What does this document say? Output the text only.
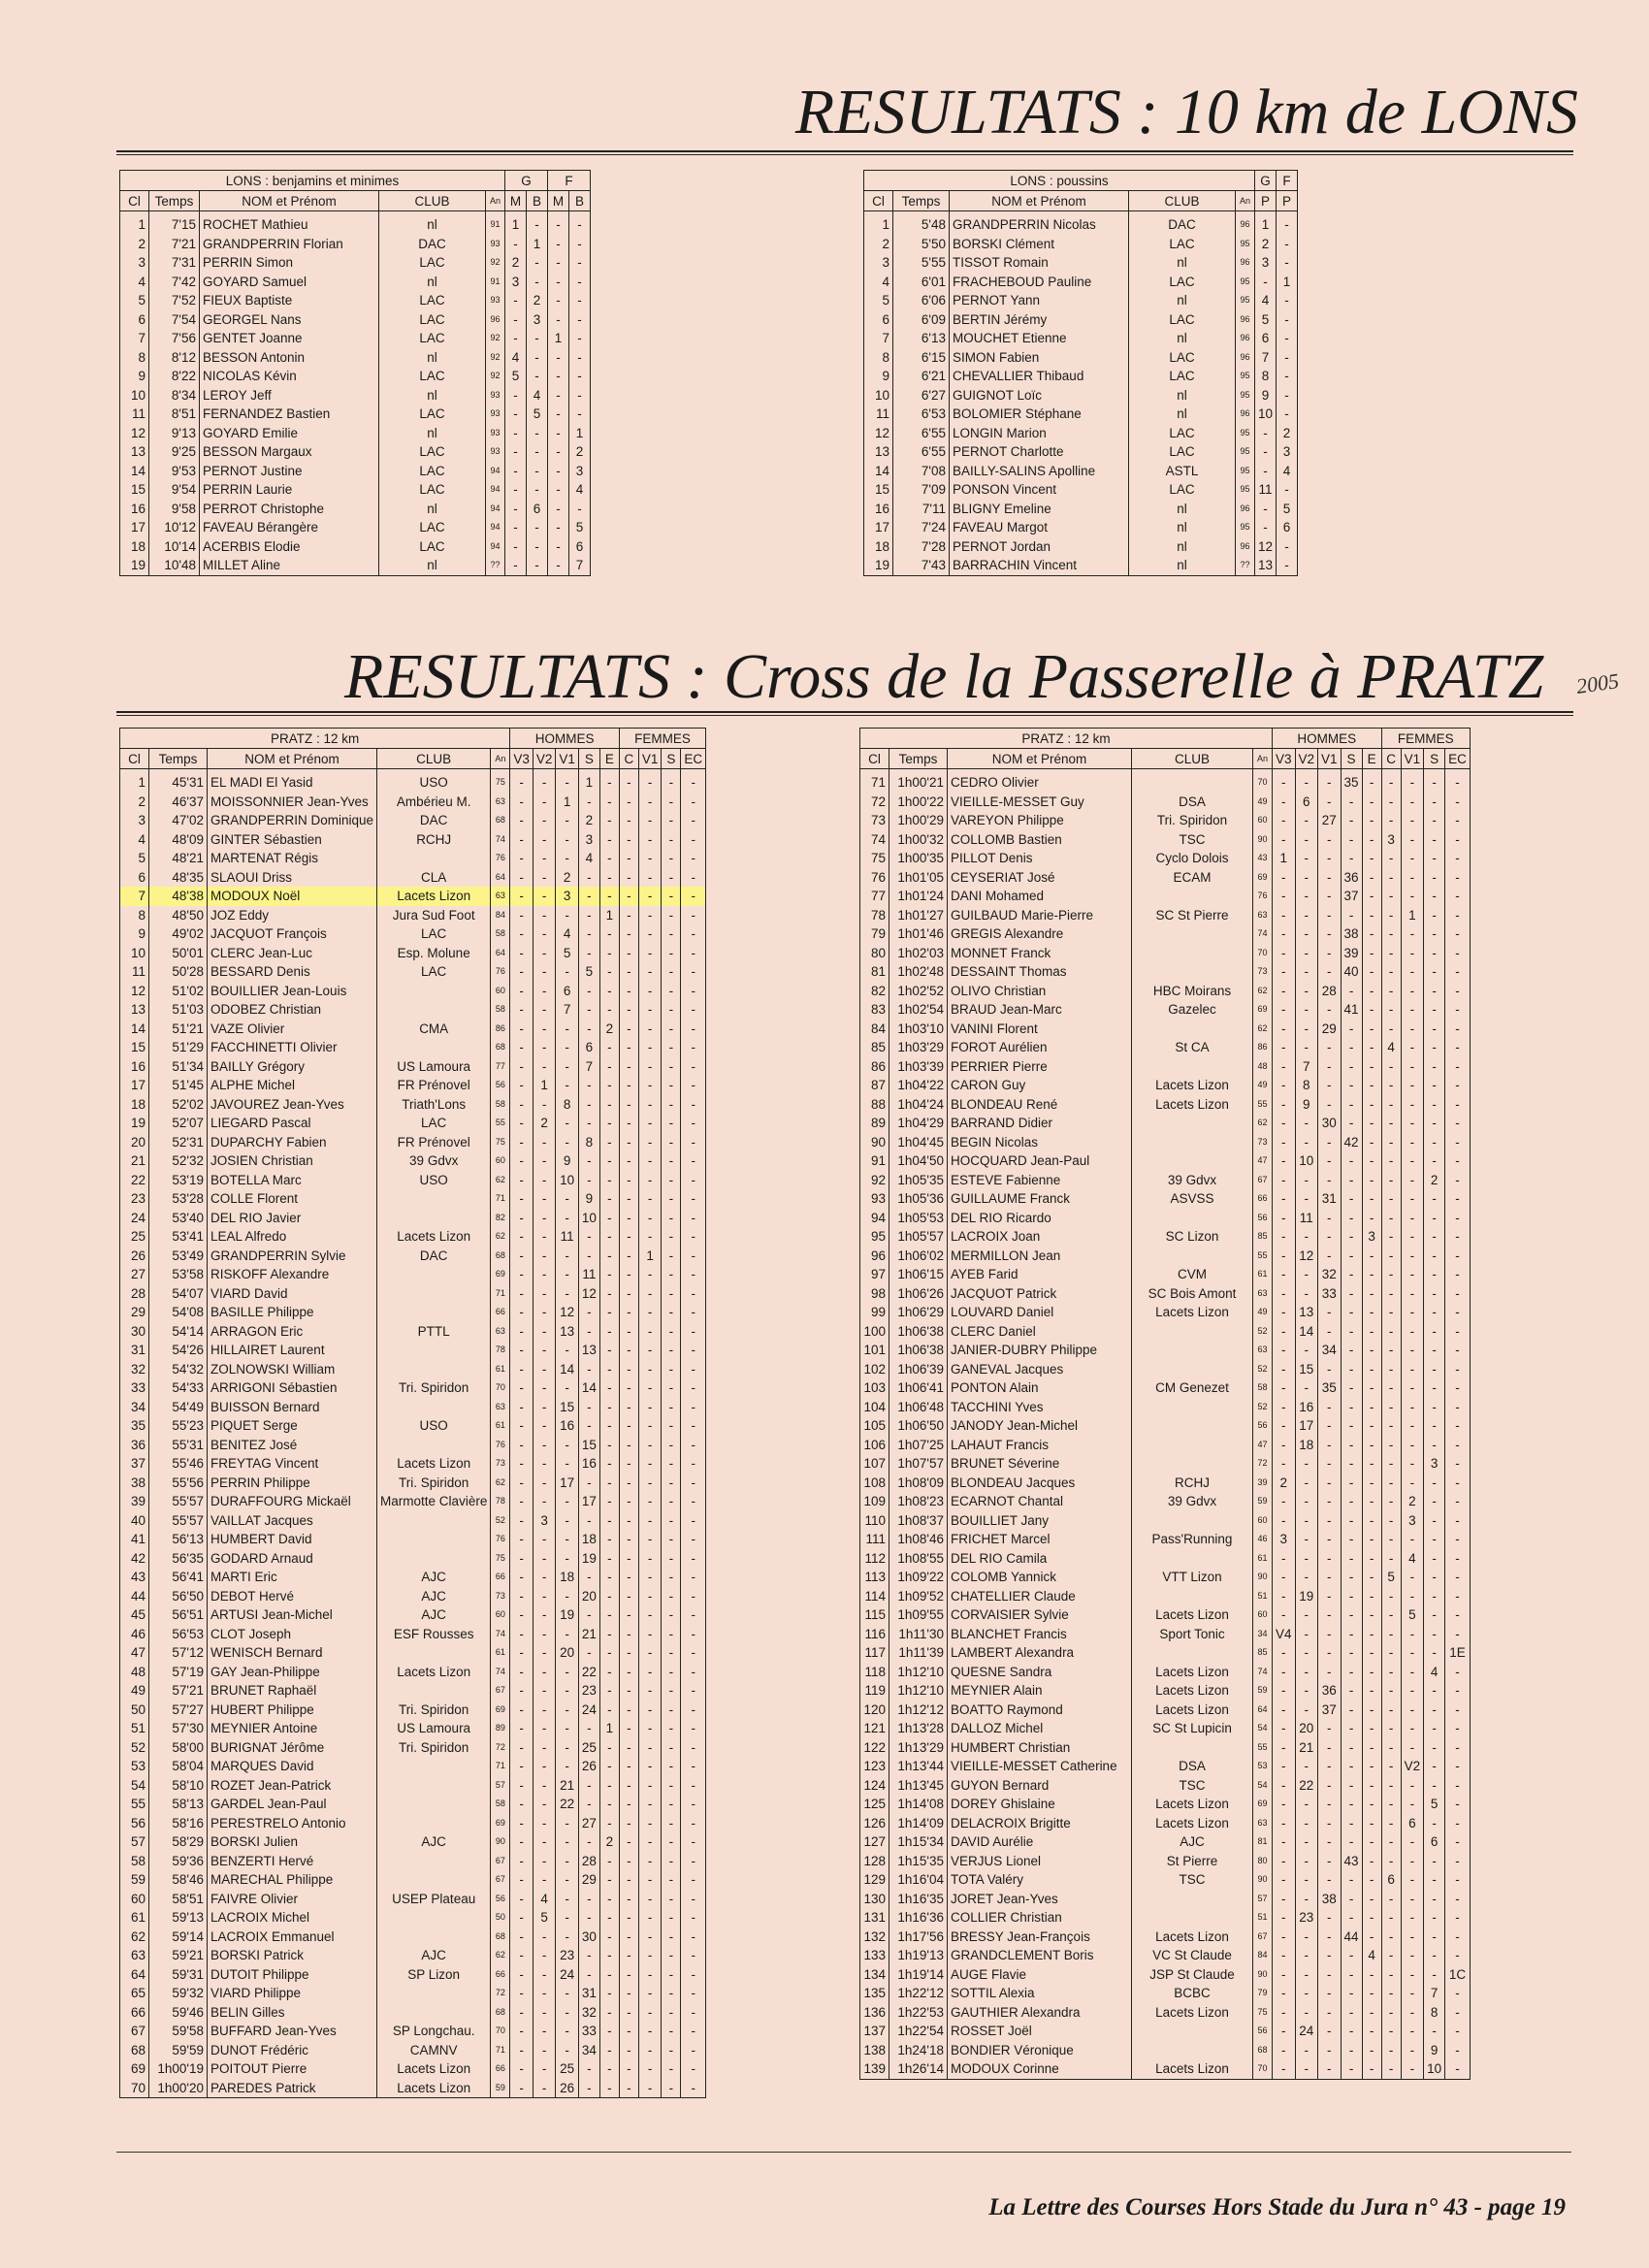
RESULTATS : 10 km de LONS
LONS : benjamins et minimes					G		F	
Cl	Temps	NOM et Prénom	CLUB	An	M	B	M	B
1	7'15	ROCHET Mathieu	nl	91	1	-	-	-
2	7'21	GRANDPERRIN Florian	DAC	93	-	1	-	-
3	7'31	PERRIN Simon	LAC	92	2	-	-	-
4	7'42	GOYARD Samuel	nl	91	3	-	-	-
5	7'52	FIEUX Baptiste	LAC	93	-	2	-	-
6	7'54	GEORGEL Nans	LAC	96	-	3	-	-
7	7'56	GENTET Joanne	LAC	92	-	-	1	-
8	8'12	BESSON Antonin	nl	92	4	-	-	-
9	8'22	NICOLAS Kévin	LAC	92	5	-	-	-
10	8'34	LEROY Jeff	nl	93	-	4	-	-
11	8'51	FERNANDEZ Bastien	LAC	93	-	5	-	-
12	9'13	GOYARD Emilie	nl	93	-	-	-	1
13	9'25	BESSON Margaux	LAC	93	-	-	-	2
14	9'53	PERNOT Justine	LAC	94	-	-	-	3
15	9'54	PERRIN Laurie	LAC	94	-	-	-	4
16	9'58	PERROT Christophe	nl	94	-	6	-	-
17	10'12	FAVEAU Bérangère	LAC	94	-	-	-	5
18	10'14	ACERBIS Elodie	LAC	94	-	-	-	6
19	10'48	MILLET Aline	nl	??	-	-	-	7
LONS : poussins					G	F
Cl	Temps	NOM et Prénom	CLUB	An	P	P
1	5'48	GRANDPERRIN Nicolas	DAC	96	1	-
2	5'50	BORSKI Clément	LAC	95	2	-
3	5'55	TISSOT Romain	nl	96	3	-
4	6'01	FRACHEBOUD Pauline	LAC	95	-	1
5	6'06	PERNOT Yann	nl	95	4	-
6	6'09	BERTIN Jérémy	LAC	96	5	-
7	6'13	MOUCHET Etienne	nl	96	6	-
8	6'15	SIMON Fabien	LAC	96	7	-
9	6'21	CHEVALLIER Thibaud	LAC	95	8	-
10	6'27	GUIGNOT Loïc	nl	95	9	-
11	6'53	BOLOMIER Stéphane	nl	96	10	-
12	6'55	LONGIN Marion	LAC	95	-	2
13	6'55	PERNOT Charlotte	LAC	95	-	3
14	7'08	BAILLY-SALINS Apolline	ASTL	95	-	4
15	7'09	PONSON Vincent	LAC	95	11	-
16	7'11	BLIGNY Emeline	nl	96	-	5
17	7'24	FAVEAU Margot	nl	95	-	6
18	7'28	PERNOT Jordan	nl	96	12	-
19	7'43	BARRACHIN Vincent	nl	??	13	-
RESULTATS : Cross de la Passerelle à PRATZ 2005
PRATZ : 12 km					HOMMES					FEMMES			
Cl	Temps	NOM et Prénom	CLUB	An	V3	V2	V1	S	E	C	V1	S	EC
1	45'31	EL MADI El Yasid	USO	75	-	-	-	1	-	-	-	-	-
2	46'37	MOISSONNIER Jean-Yves	Ambérieu M.	63	-	-	1	-	-	-	-	-	-
3	47'02	GRANDPERRIN Dominique	DAC	68	-	-	-	2	-	-	-	-	-
4	48'09	GINTER Sébastien	RCHJ	74	-	-	-	3	-	-	-	-	-
5	48'21	MARTENAT Régis		76	-	-	-	4	-	-	-	-	-
6	48'35	SLAOUI Driss	CLA	64	-	-	2	-	-	-	-	-	-
7	48'38	MODOUX Noël	Lacets Lizon	63	-	-	3	-	-	-	-	-	-
8	48'50	JOZ Eddy	Jura Sud Foot	84	-	-	-	-	1	-	-	-	-
9	49'02	JACQUOT François	LAC	58	-	-	4	-	-	-	-	-	-
10	50'01	CLERC Jean-Luc	Esp. Molune	64	-	-	5	-	-	-	-	-	-
11	50'28	BESSARD Denis	LAC	76	-	-	-	5	-	-	-	-	-
12	51'02	BOUILLIER Jean-Louis		60	-	-	6	-	-	-	-	-	-
13	51'03	ODOBEZ Christian		58	-	-	7	-	-	-	-	-	-
14	51'21	VAZE Olivier	CMA	86	-	-	-	-	2	-	-	-	-
15	51'29	FACCHINETTI Olivier		68	-	-	-	6	-	-	-	-	-
16	51'34	BAILLY Grégory	US Lamoura	77	-	-	-	7	-	-	-	-	-
17	51'45	ALPHE Michel	FR Prénovel	56	-	1	-	-	-	-	-	-	-
18	52'02	JAVOUREZ Jean-Yves	Triath'Lons	58	-	-	8	-	-	-	-	-	-
19	52'07	LIEGARD Pascal	LAC	55	-	2	-	-	-	-	-	-	-
20	52'31	DUPARCHY Fabien	FR Prénovel	75	-	-	-	8	-	-	-	-	-
21	52'32	JOSIEN Christian	39 Gdvx	60	-	-	9	-	-	-	-	-	-
22	53'19	BOTELLA Marc	USO	62	-	-	10	-	-	-	-	-	-
23	53'28	COLLE Florent		71	-	-	-	9	-	-	-	-	-
24	53'40	DEL RIO Javier		82	-	-	-	10	-	-	-	-	-
25	53'41	LEAL Alfredo	Lacets Lizon	62	-	-	11	-	-	-	-	-	-
26	53'49	GRANDPERRIN Sylvie	DAC	68	-	-	-	-	-	-	1	-	-
27	53'58	RISKOFF Alexandre		69	-	-	-	11	-	-	-	-	-
28	54'07	VIARD David		71	-	-	-	12	-	-	-	-	-
29	54'08	BASILLE Philippe		66	-	-	12	-	-	-	-	-	-
30	54'14	ARRAGON Eric	PTTL	63	-	-	13	-	-	-	-	-	-
31	54'26	HILLAIRET Laurent		78	-	-	-	13	-	-	-	-	-
32	54'32	ZOLNOWSKI William		61	-	-	14	-	-	-	-	-	-
33	54'33	ARRIGONI Sébastien	Tri. Spiridon	70	-	-	-	14	-	-	-	-	-
34	54'49	BUISSON Bernard		63	-	-	15	-	-	-	-	-	-
35	55'23	PIQUET Serge	USO	61	-	-	16	-	-	-	-	-	-
36	55'31	BENITEZ José		76	-	-	-	15	-	-	-	-	-
37	55'46	FREYTAG Vincent	Lacets Lizon	73	-	-	-	16	-	-	-	-	-
38	55'56	PERRIN Philippe	Tri. Spiridon	62	-	-	17	-	-	-	-	-	-
39	55'57	DURAFFOURG Mickaël	Marmotte Clavière	78	-	-	-	17	-	-	-	-	-
40	55'57	VAILLAT Jacques		52	-	3	-	-	-	-	-	-	-
41	56'13	HUMBERT David		76	-	-	-	18	-	-	-	-	-
42	56'35	GODARD Arnaud		75	-	-	-	19	-	-	-	-	-
43	56'41	MARTI Eric	AJC	66	-	-	18	-	-	-	-	-	-
44	56'50	DEBOT Hervé	AJC	73	-	-	-	20	-	-	-	-	-
45	56'51	ARTUSI Jean-Michel	AJC	60	-	-	19	-	-	-	-	-	-
46	56'53	CLOT Joseph	ESF Rousses	74	-	-	-	21	-	-	-	-	-
47	57'12	WENISCH Bernard		61	-	-	20	-	-	-	-	-	-
48	57'19	GAY Jean-Philippe	Lacets Lizon	74	-	-	-	22	-	-	-	-	-
49	57'21	BRUNET Raphaël		67	-	-	-	23	-	-	-	-	-
50	57'27	HUBERT Philippe	Tri. Spiridon	69	-	-	-	24	-	-	-	-	-
51	57'30	MEYNIER Antoine	US Lamoura	89	-	-	-	-	1	-	-	-	-
52	58'00	BURIGNAT Jérôme	Tri. Spiridon	72	-	-	-	25	-	-	-	-	-
53	58'04	MARQUES David		71	-	-	-	26	-	-	-	-	-
54	58'10	ROZET Jean-Patrick		57	-	-	21	-	-	-	-	-	-
55	58'13	GARDEL Jean-Paul		58	-	-	22	-	-	-	-	-	-
56	58'16	PERESTRELO Antonio		69	-	-	-	27	-	-	-	-	-
57	58'29	BORSKI Julien	AJC	90	-	-	-	-	2	-	-	-	-
58	59'36	BENZERTI Hervé		67	-	-	-	28	-	-	-	-	-
59	58'46	MARECHAL Philippe		67	-	-	-	29	-	-	-	-	-
60	58'51	FAIVRE Olivier	USEP Plateau	56	-	4	-	-	-	-	-	-	-
61	59'13	LACROIX Michel		50	-	5	-	-	-	-	-	-	-
62	59'14	LACROIX Emmanuel		68	-	-	-	30	-	-	-	-	-
63	59'21	BORSKI Patrick	AJC	62	-	-	23	-	-	-	-	-	-
64	59'31	DUTOIT Philippe	SP Lizon	66	-	-	24	-	-	-	-	-	-
65	59'32	VIARD Philippe		72	-	-	-	31	-	-	-	-	-
66	59'46	BELIN Gilles		68	-	-	-	32	-	-	-	-	-
67	59'58	BUFFARD Jean-Yves	SP Longchau.	70	-	-	-	33	-	-	-	-	-
68	59'59	DUNOT Frédéric	CAMNV	71	-	-	-	34	-	-	-	-	-
69	1h00'19	POITOUT Pierre	Lacets Lizon	66	-	-	25	-	-	-	-	-	-
70	1h00'20	PAREDES Patrick	Lacets Lizon	59	-	-	26	-	-	-	-	-	-
PRATZ : 12 km					HOMMES					FEMMES			
Cl	Temps	NOM et Prénom	CLUB	An	V3	V2	V1	S	E	C	V1	S	EC
71	1h00'21	CEDRO Olivier		70	-	-	-	35	-	-	-	-	-
72	1h00'22	VIEILLE-MESSET Guy	DSA	49	-	6	-	-	-	-	-	-	-
73	1h00'29	VAREYON Philippe	Tri. Spiridon	60	-	-	27	-	-	-	-	-	-
74	1h00'32	COLLOMB Bastien	TSC	90	-	-	-	-	-	3	-	-	-
75	1h00'35	PILLOT Denis	Cyclo Dolois	43	1	-	-	-	-	-	-	-	-
76	1h01'05	CEYSERIAT José	ECAM	69	-	-	-	36	-	-	-	-	-
77	1h01'24	DANI Mohamed		76	-	-	-	37	-	-	-	-	-
78	1h01'27	GUILBAUD Marie-Pierre	SC St Pierre	63	-	-	-	-	-	-	1	-	-
79	1h01'46	GREGIS Alexandre		74	-	-	-	38	-	-	-	-	-
80	1h02'03	MONNET Franck		70	-	-	-	39	-	-	-	-	-
81	1h02'48	DESSAINT Thomas		73	-	-	-	40	-	-	-	-	-
82	1h02'52	OLIVO Christian	HBC Moirans	62	-	-	28	-	-	-	-	-	-
83	1h02'54	BRAUD Jean-Marc	Gazelec	69	-	-	-	41	-	-	-	-	-
84	1h03'10	VANINI Florent		62	-	-	29	-	-	-	-	-	-
85	1h03'29	FOROT Aurélien	St CA	86	-	-	-	-	-	4	-	-	-
86	1h03'39	PERRIER Pierre		48	-	7	-	-	-	-	-	-	-
87	1h04'22	CARON Guy	Lacets Lizon	49	-	8	-	-	-	-	-	-	-
88	1h04'24	BLONDEAU René	Lacets Lizon	55	-	9	-	-	-	-	-	-	-
89	1h04'29	BARRAND Didier		62	-	-	30	-	-	-	-	-	-
90	1h04'45	BEGIN Nicolas		73	-	-	-	42	-	-	-	-	-
91	1h04'50	HOCQUARD Jean-Paul		47	-	10	-	-	-	-	-	-	-
92	1h05'35	ESTEVE Fabienne	39 Gdvx	67	-	-	-	-	-	-	-	2	-
93	1h05'36	GUILLAUME Franck	ASVSS	66	-	-	31	-	-	-	-	-	-
94	1h05'53	DEL RIO Ricardo		56	-	11	-	-	-	-	-	-	-
95	1h05'57	LACROIX Joan	SC Lizon	85	-	-	-	-	3	-	-	-	-
96	1h06'02	MERMILLON Jean		55	-	12	-	-	-	-	-	-	-
97	1h06'15	AYEB Farid	CVM	61	-	-	32	-	-	-	-	-	-
98	1h06'26	JACQUOT Patrick	SC Bois Amont	63	-	-	33	-	-	-	-	-	-
99	1h06'29	LOUVARD Daniel	Lacets Lizon	49	-	13	-	-	-	-	-	-	-
100	1h06'38	CLERC Daniel		52	-	14	-	-	-	-	-	-	-
101	1h06'38	JANIER-DUBRY Philippe		63	-	-	34	-	-	-	-	-	-
102	1h06'39	GANEVAL Jacques		52	-	15	-	-	-	-	-	-	-
103	1h06'41	PONTON Alain	CM Genezet	58	-	-	35	-	-	-	-	-	-
104	1h06'48	TACCHINI Yves		52	-	16	-	-	-	-	-	-	-
105	1h06'50	JANODY Jean-Michel		56	-	17	-	-	-	-	-	-	-
106	1h07'25	LAHAUT Francis		47	-	18	-	-	-	-	-	-	-
107	1h07'57	BRUNET Séverine		72	-	-	-	-	-	-	-	3	-
108	1h08'09	BLONDEAU Jacques	RCHJ	39	2	-	-	-	-	-	-	-	-
109	1h08'23	ECARNOT Chantal	39 Gdvx	59	-	-	-	-	-	-	2	-	-
110	1h08'37	BOUILLIET Jany		60	-	-	-	-	-	-	3	-	-
111	1h08'46	FRICHET Marcel	Pass'Running	46	3	-	-	-	-	-	-	-	-
112	1h08'55	DEL RIO Camila		61	-	-	-	-	-	-	4	-	-
113	1h09'22	COLOMB Yannick	VTT Lizon	90	-	-	-	-	-	5	-	-	-
114	1h09'52	CHATELLIER Claude		51	-	19	-	-	-	-	-	-	-
115	1h09'55	CORVAISIER Sylvie	Lacets Lizon	60	-	-	-	-	-	-	5	-	-
116	1h11'30	BLANCHET Francis	Sport Tonic	34	V4	-	-	-	-	-	-	-	-
117	1h11'39	LAMBERT Alexandra		85	-	-	-	-	-	-	-	-	1E
118	1h12'10	QUESNE Sandra	Lacets Lizon	74	-	-	-	-	-	-	-	4	-
119	1h12'10	MEYNIER Alain	Lacets Lizon	59	-	-	36	-	-	-	-	-	-
120	1h12'12	BOATTO Raymond	Lacets Lizon	64	-	-	37	-	-	-	-	-	-
121	1h13'28	DALLOZ Michel	SC St Lupicin	54	-	20	-	-	-	-	-	-	-
122	1h13'29	HUMBERT Christian		55	-	21	-	-	-	-	-	-	-
123	1h13'44	VIEILLE-MESSET Catherine	DSA	53	-	-	-	-	-	-	V2	-	-
124	1h13'45	GUYON Bernard	TSC	54	-	22	-	-	-	-	-	-	-
125	1h14'08	DOREY Ghislaine	Lacets Lizon	69	-	-	-	-	-	-	-	5	-
126	1h14'09	DELACROIX Brigitte	Lacets Lizon	63	-	-	-	-	-	-	6	-	-
127	1h15'34	DAVID Aurélie	AJC	81	-	-	-	-	-	-	-	6	-
128	1h15'35	VERJUS Lionel	St Pierre	80	-	-	-	43	-	-	-	-	-
129	1h16'04	TOTA Valéry	TSC	90	-	-	-	-	-	6	-	-	-
130	1h16'35	JORET Jean-Yves		57	-	-	38	-	-	-	-	-	-
131	1h16'36	COLLIER Christian		51	-	23	-	-	-	-	-	-	-
132	1h17'56	BRESSY Jean-François	Lacets Lizon	67	-	-	-	44	-	-	-	-	-
133	1h19'13	GRANDCLEMENT Boris	VC St Claude	84	-	-	-	-	4	-	-	-	-
134	1h19'14	AUGE Flavie	JSP St Claude	90	-	-	-	-	-	-	-	-	1C
135	1h22'12	SOTTIL Alexia	BCBC	79	-	-	-	-	-	-	-	7	-
136	1h22'53	GAUTHIER Alexandra	Lacets Lizon	75	-	-	-	-	-	-	-	8	-
137	1h22'54	ROSSET Joël		56	-	24	-	-	-	-	-	-	-
138	1h24'18	BONDIER Véronique		68	-	-	-	-	-	-	-	9	-
139	1h26'14	MODOUX Corinne	Lacets Lizon	70	-	-	-	-	-	-	-	10	-
La Lettre des Courses Hors Stade du Jura n° 43 - page 19
